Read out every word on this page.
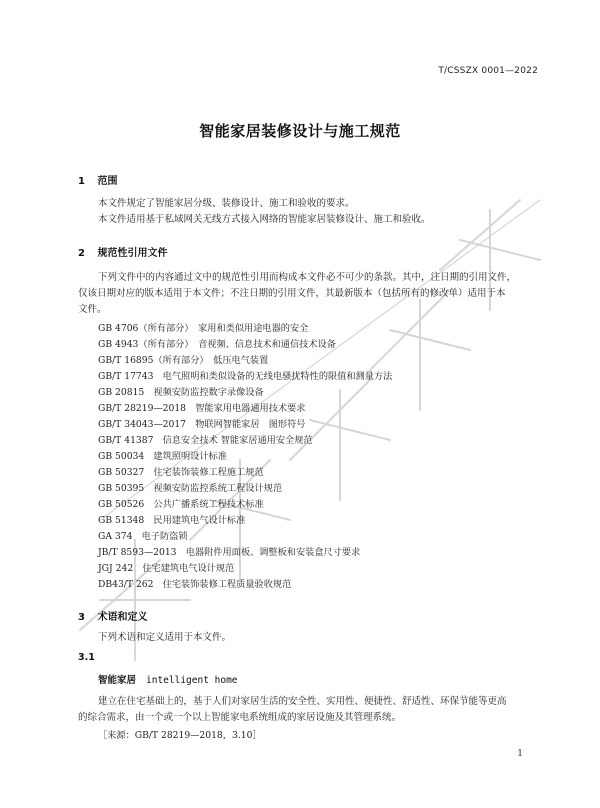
T/CSSZX 0001—2022
智能家居装修设计与施工规范
1 范围
本文件规定了智能家居分级、装修设计、施工和验收的要求。
本文件适用基于私域网关无线方式接入网络的智能家居装修设计、施工和验收。
2 规范性引用文件
下列文件中的内容通过文中的规范性引用而构成本文件必不可少的条款。其中，注日期的引用文件，
仅该日期对应的版本适用于本文件；不注日期的引用文件，其最新版本（包括所有的修改单）适用于本
文件。
GB 4706（所有部分）　家用和类似用途电器的安全
GB 4943（所有部分）　音视频、信息技术和通信技术设备
GB/T 16895（所有部分）　低压电气装置
GB/T 17743　电气照明和类似设备的无线电骚扰特性的限值和测量方法
GB 20815　视频安防监控数字录像设备
GB/T 28219—2018　智能家用电器通用技术要求
GB/T 34043—2017　物联网智能家居　图形符号
GB/T 41387　信息安全技术 智能家居通用安全规范
GB 50034　建筑照明设计标准
GB 50327　住宅装饰装修工程施工规范
GB 50395　视频安防监控系统工程设计规范
GB 50526　公共广播系统工程技术标准
GB 51348　民用建筑电气设计标准
GA 374　电子防盗锁
JB/T 8593—2013　电器附件用面板、调整板和安装盒尺寸要求
JGJ 242　住宅建筑电气设计规范
DB43/T 262　住宅装饰装修工程质量验收规范
3 术语和定义
下列术语和定义适用于本文件。
3.1
智能家居 intelligent home
建立在住宅基础上的，基于人们对家居生活的安全性、实用性、便捷性、舒适性、环保节能等更高
的综合需求，由一个或一个以上智能家电系统组成的家居设施及其管理系统。
［来源：GB/T 28219—2018，3.10］
1
